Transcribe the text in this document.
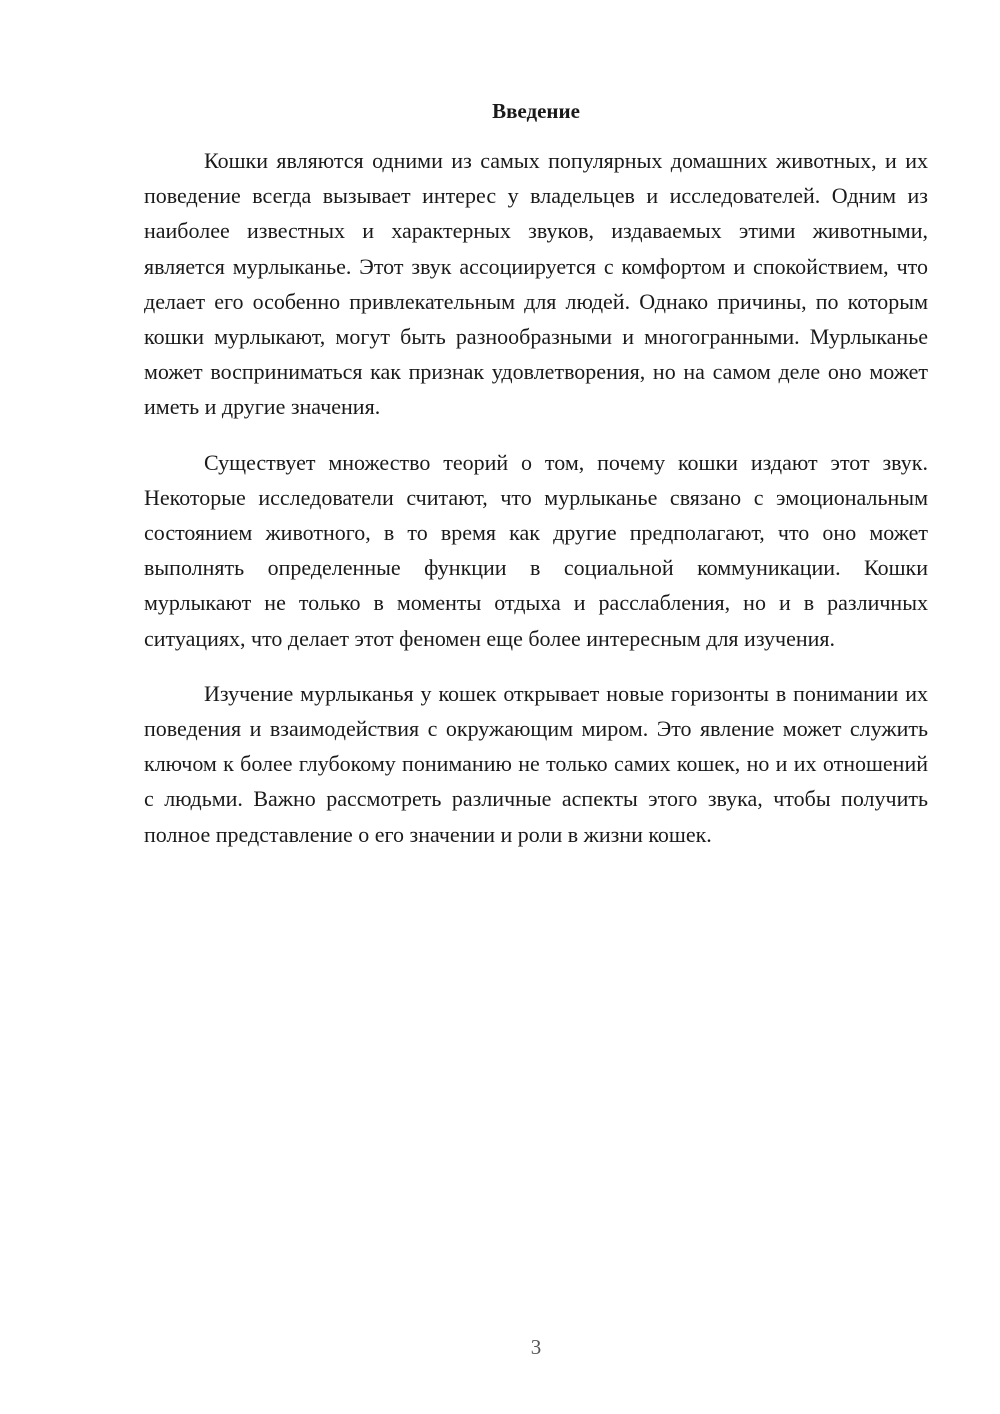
Введение

Кошки являются одними из самых популярных домашних животных, и их поведение всегда вызывает интерес у владельцев и исследователей. Одним из наиболее известных и характерных звуков, издаваемых этими животными, является мурлыканье. Этот звук ассоциируется с комфортом и спокойствием, что делает его особенно привлекательным для людей. Однако причины, по которым кошки мурлыкают, могут быть разнообразными и многогранными. Мурлыканье может восприниматься как признак удовлетворения, но на самом деле оно может иметь и другие значения.

Существует множество теорий о том, почему кошки издают этот звук. Некоторые исследователи считают, что мурлыканье связано с эмоциональным состоянием животного, в то время как другие предполагают, что оно может выполнять определенные функции в социальной коммуникации. Кошки мурлыкают не только в моменты отдыха и расслабления, но и в различных ситуациях, что делает этот феномен еще более интересным для изучения.

Изучение мурлыканья у кошек открывает новые горизонты в понимании их поведения и взаимодействия с окружающим миром. Это явление может служить ключом к более глубокому пониманию не только самих кошек, но и их отношений с людьми. Важно рассмотреть различные аспекты этого звука, чтобы получить полное представление о его значении и роли в жизни кошек.

3
